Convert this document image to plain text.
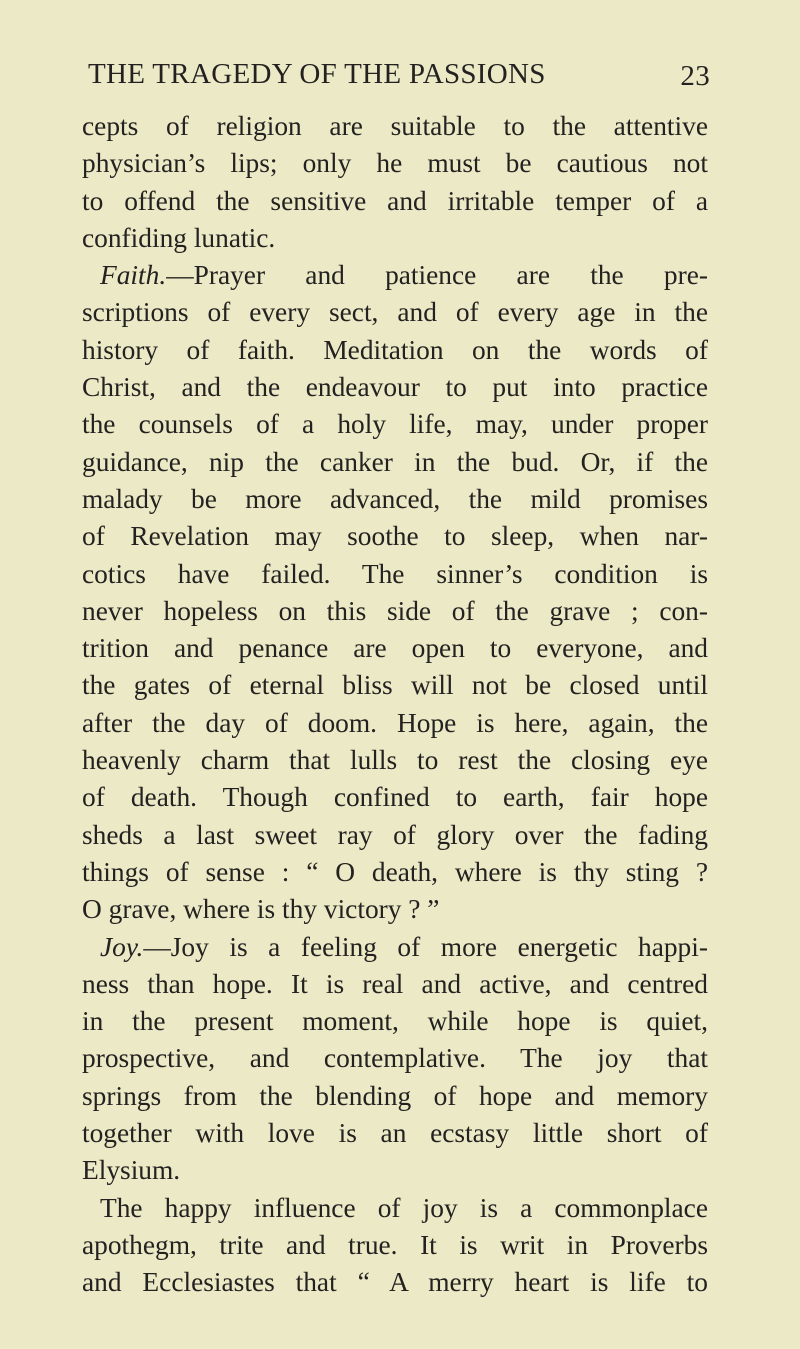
THE TRAGEDY OF THE PASSIONS	23
cepts of religion are suitable to the attentive
physician’s lips; only he must be cautious not
to offend the sensitive and irritable temper of a
confiding lunatic.
Faith.—Prayer and patience are the pre-
scriptions of every sect, and of every age in the
history of faith. Meditation on the words of
Christ, and the endeavour to put into practice
the counsels of a holy life, may, under proper
guidance, nip the canker in the bud. Or, if the
malady be more advanced, the mild promises
of Revelation may soothe to sleep, when nar-
cotics have failed. The sinner’s condition is
never hopeless on this side of the grave ; con-
trition and penance are open to everyone, and
the gates of eternal bliss will not be closed until
after the day of doom. Hope is here, again, the
heavenly charm that lulls to rest the closing eye
of death. Though confined to earth, fair hope
sheds a last sweet ray of glory over the fading
things of sense : “ O death, where is thy sting ?
O grave, where is thy victory ? ”
Joy.—Joy is a feeling of more energetic happi-
ness than hope. It is real and active, and centred
in the present moment, while hope is quiet,
prospective, and contemplative. The joy that
springs from the blending of hope and memory
together with love is an ecstasy little short of
Elysium.
The happy influence of joy is a commonplace
apothegm, trite and true. It is writ in Proverbs
and Ecclesiastes that “ A merry heart is life to
